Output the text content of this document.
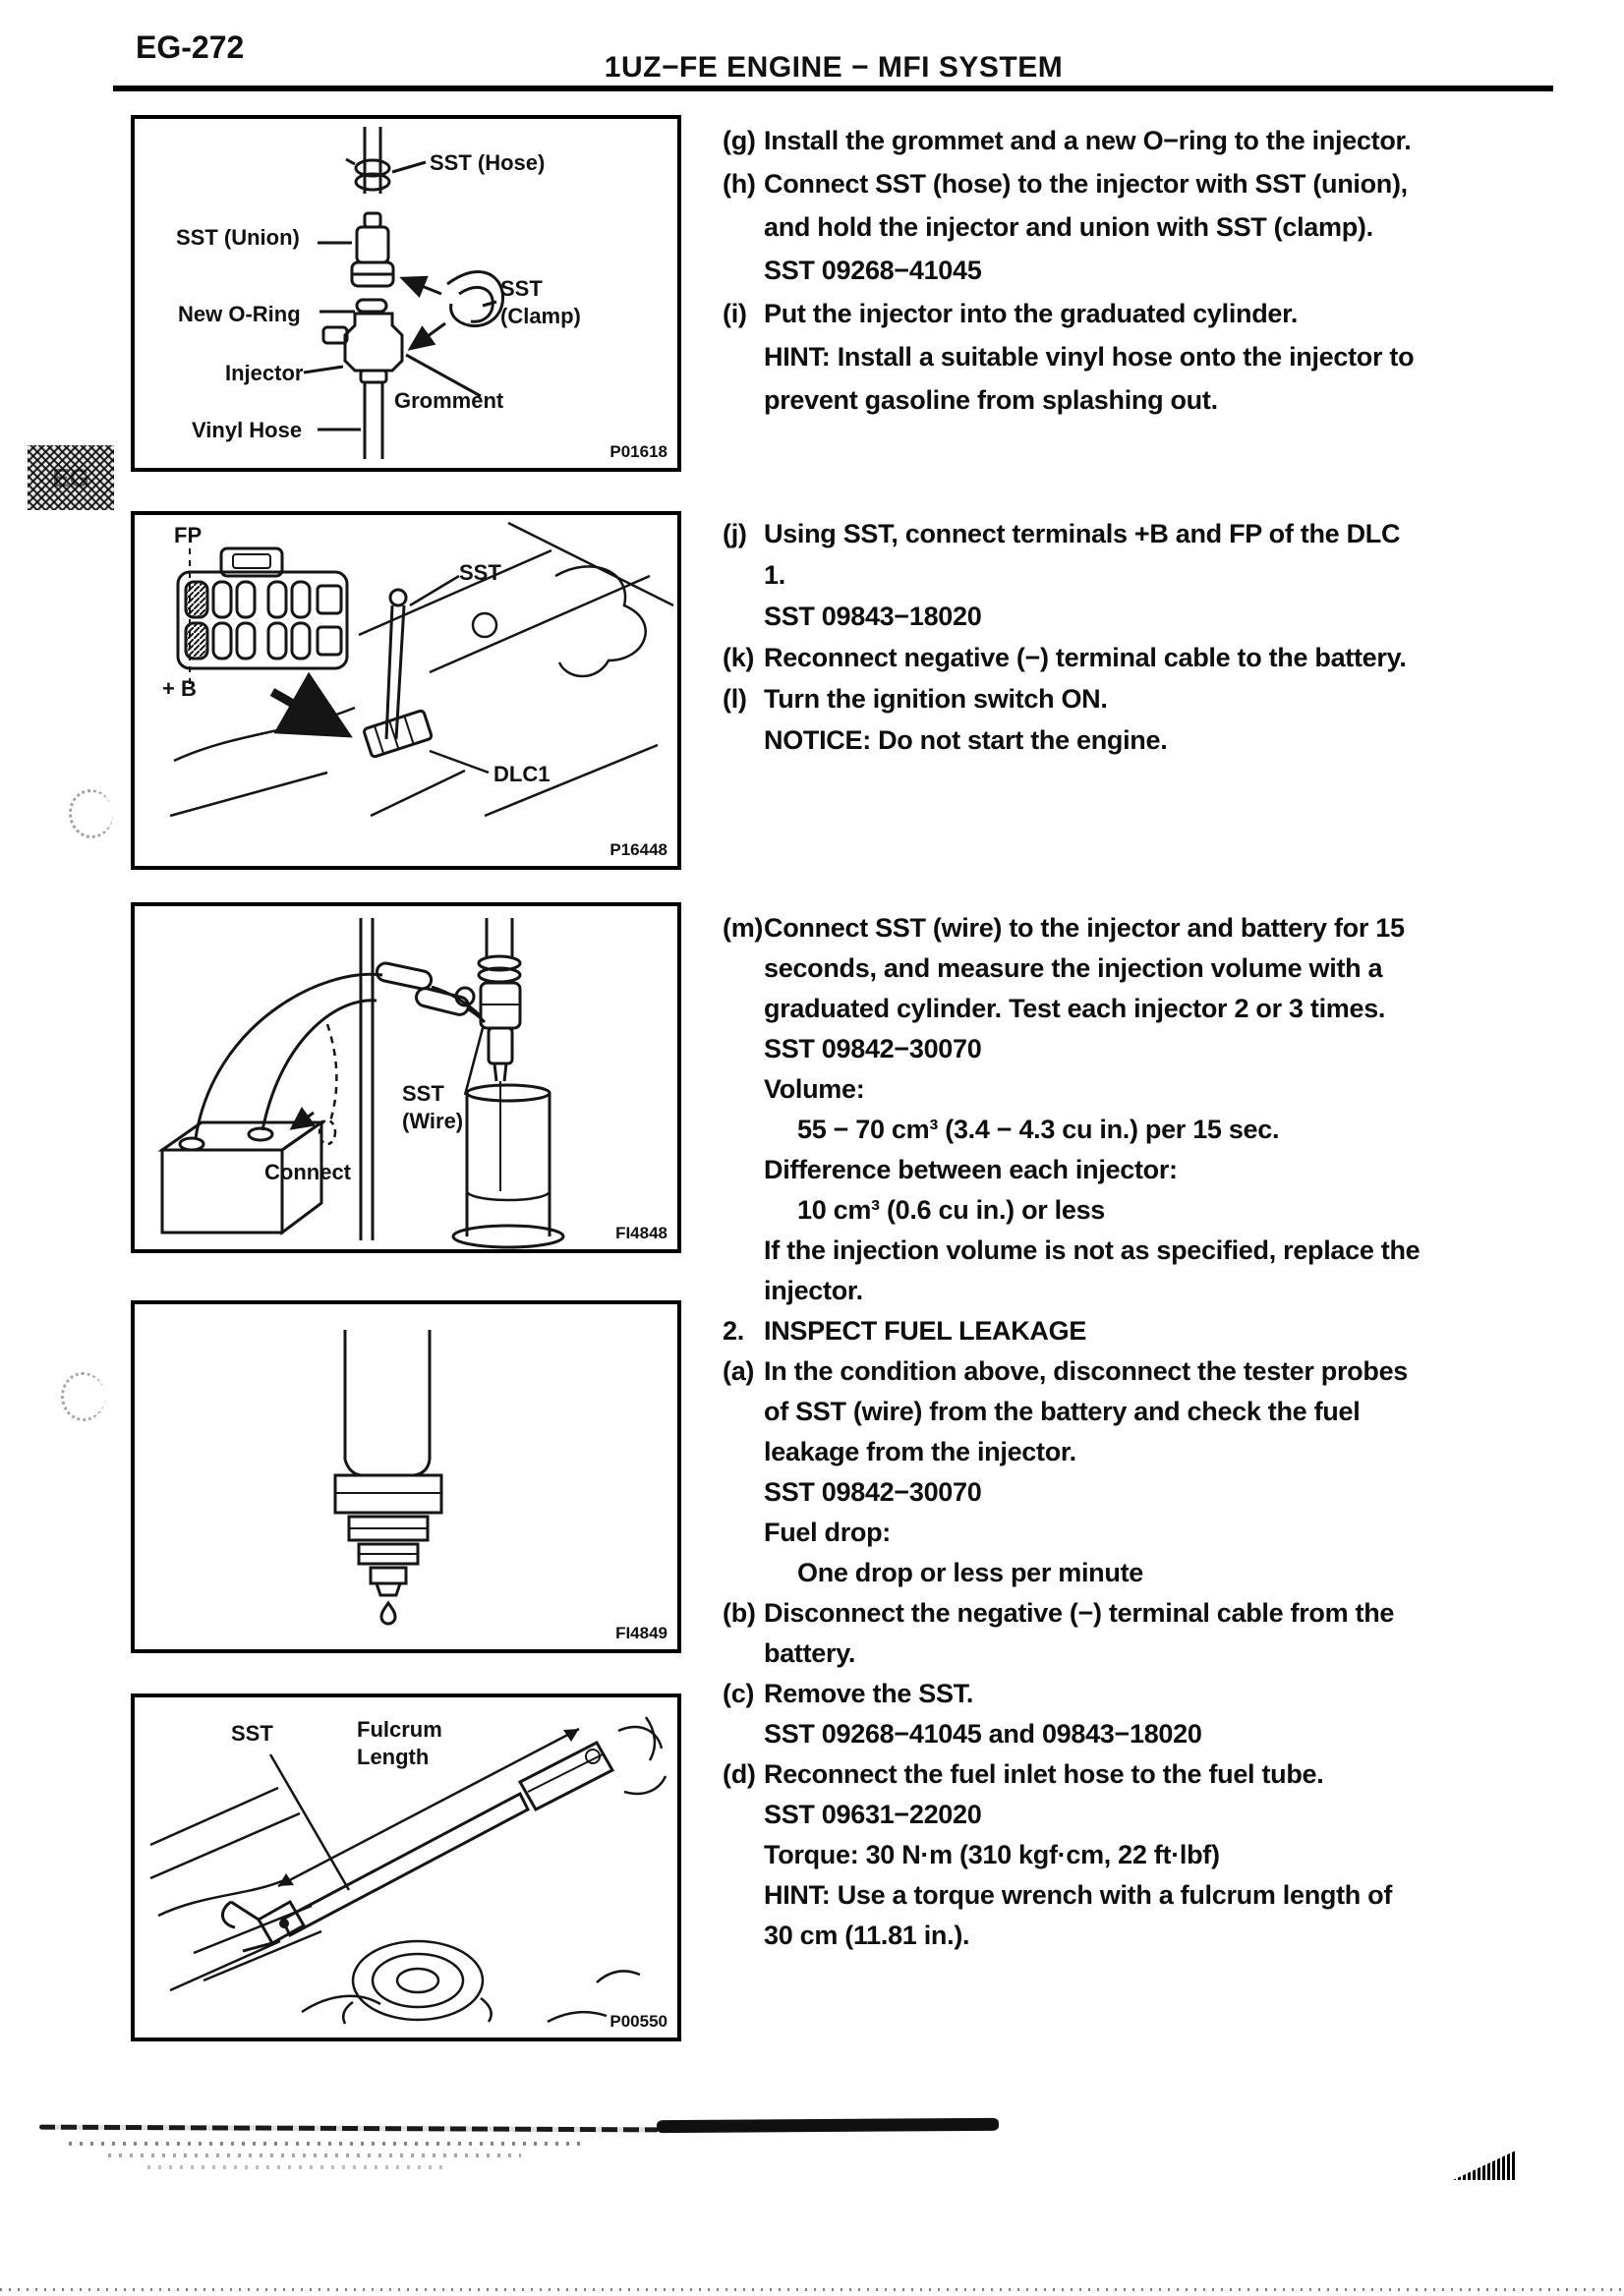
EG-272
1UZ−FE ENGINE − MFI SYSTEM
EG
SST (Hose)
SST (Union)
SST
(Clamp)
New O-Ring
Injector
Gromment
Vinyl Hose
P01618
FP
+ B
SST
DLC1
P16448
SST
(Wire)
Connect
FI4848
FI4849
SST	Fulcrum
Length
P00550
(g) Install the grommet and a new O−ring to the injector.
(h) Connect SST (hose) to the injector with SST (union),
and hold the injector and union with SST (clamp).
SST 09268−41045
(i) Put the injector into the graduated cylinder.
HINT: Install a suitable vinyl hose onto the injector to
prevent gasoline from splashing out.
(j) Using SST, connect terminals +B and FP of the DLC
1.
SST 09843−18020
(k) Reconnect negative (−) terminal cable to the battery.
(l) Turn the ignition switch ON.
NOTICE: Do not start the engine.
(m) Connect SST (wire) to the injector and battery for 15
seconds, and measure the injection volume with a
graduated cylinder. Test each injector 2 or 3 times.
SST 09842−30070
Volume:
55 − 70 cm³ (3.4 − 4.3 cu in.) per 15 sec.
Difference between each injector:
10 cm³ (0.6 cu in.) or less
If the injection volume is not as specified, replace the
injector.
2. INSPECT FUEL LEAKAGE
(a) In the condition above, disconnect the tester probes
of SST (wire) from the battery and check the fuel
leakage from the injector.
SST 09842−30070
Fuel drop:
One drop or less per minute
(b) Disconnect the negative (−) terminal cable from the
battery.
(c) Remove the SST.
SST 09268−41045 and 09843−18020
(d) Reconnect the fuel inlet hose to the fuel tube.
SST 09631−22020
Torque: 30 N·m (310 kgf·cm, 22 ft·lbf)
HINT: Use a torque wrench with a fulcrum length of
30 cm (11.81 in.).
